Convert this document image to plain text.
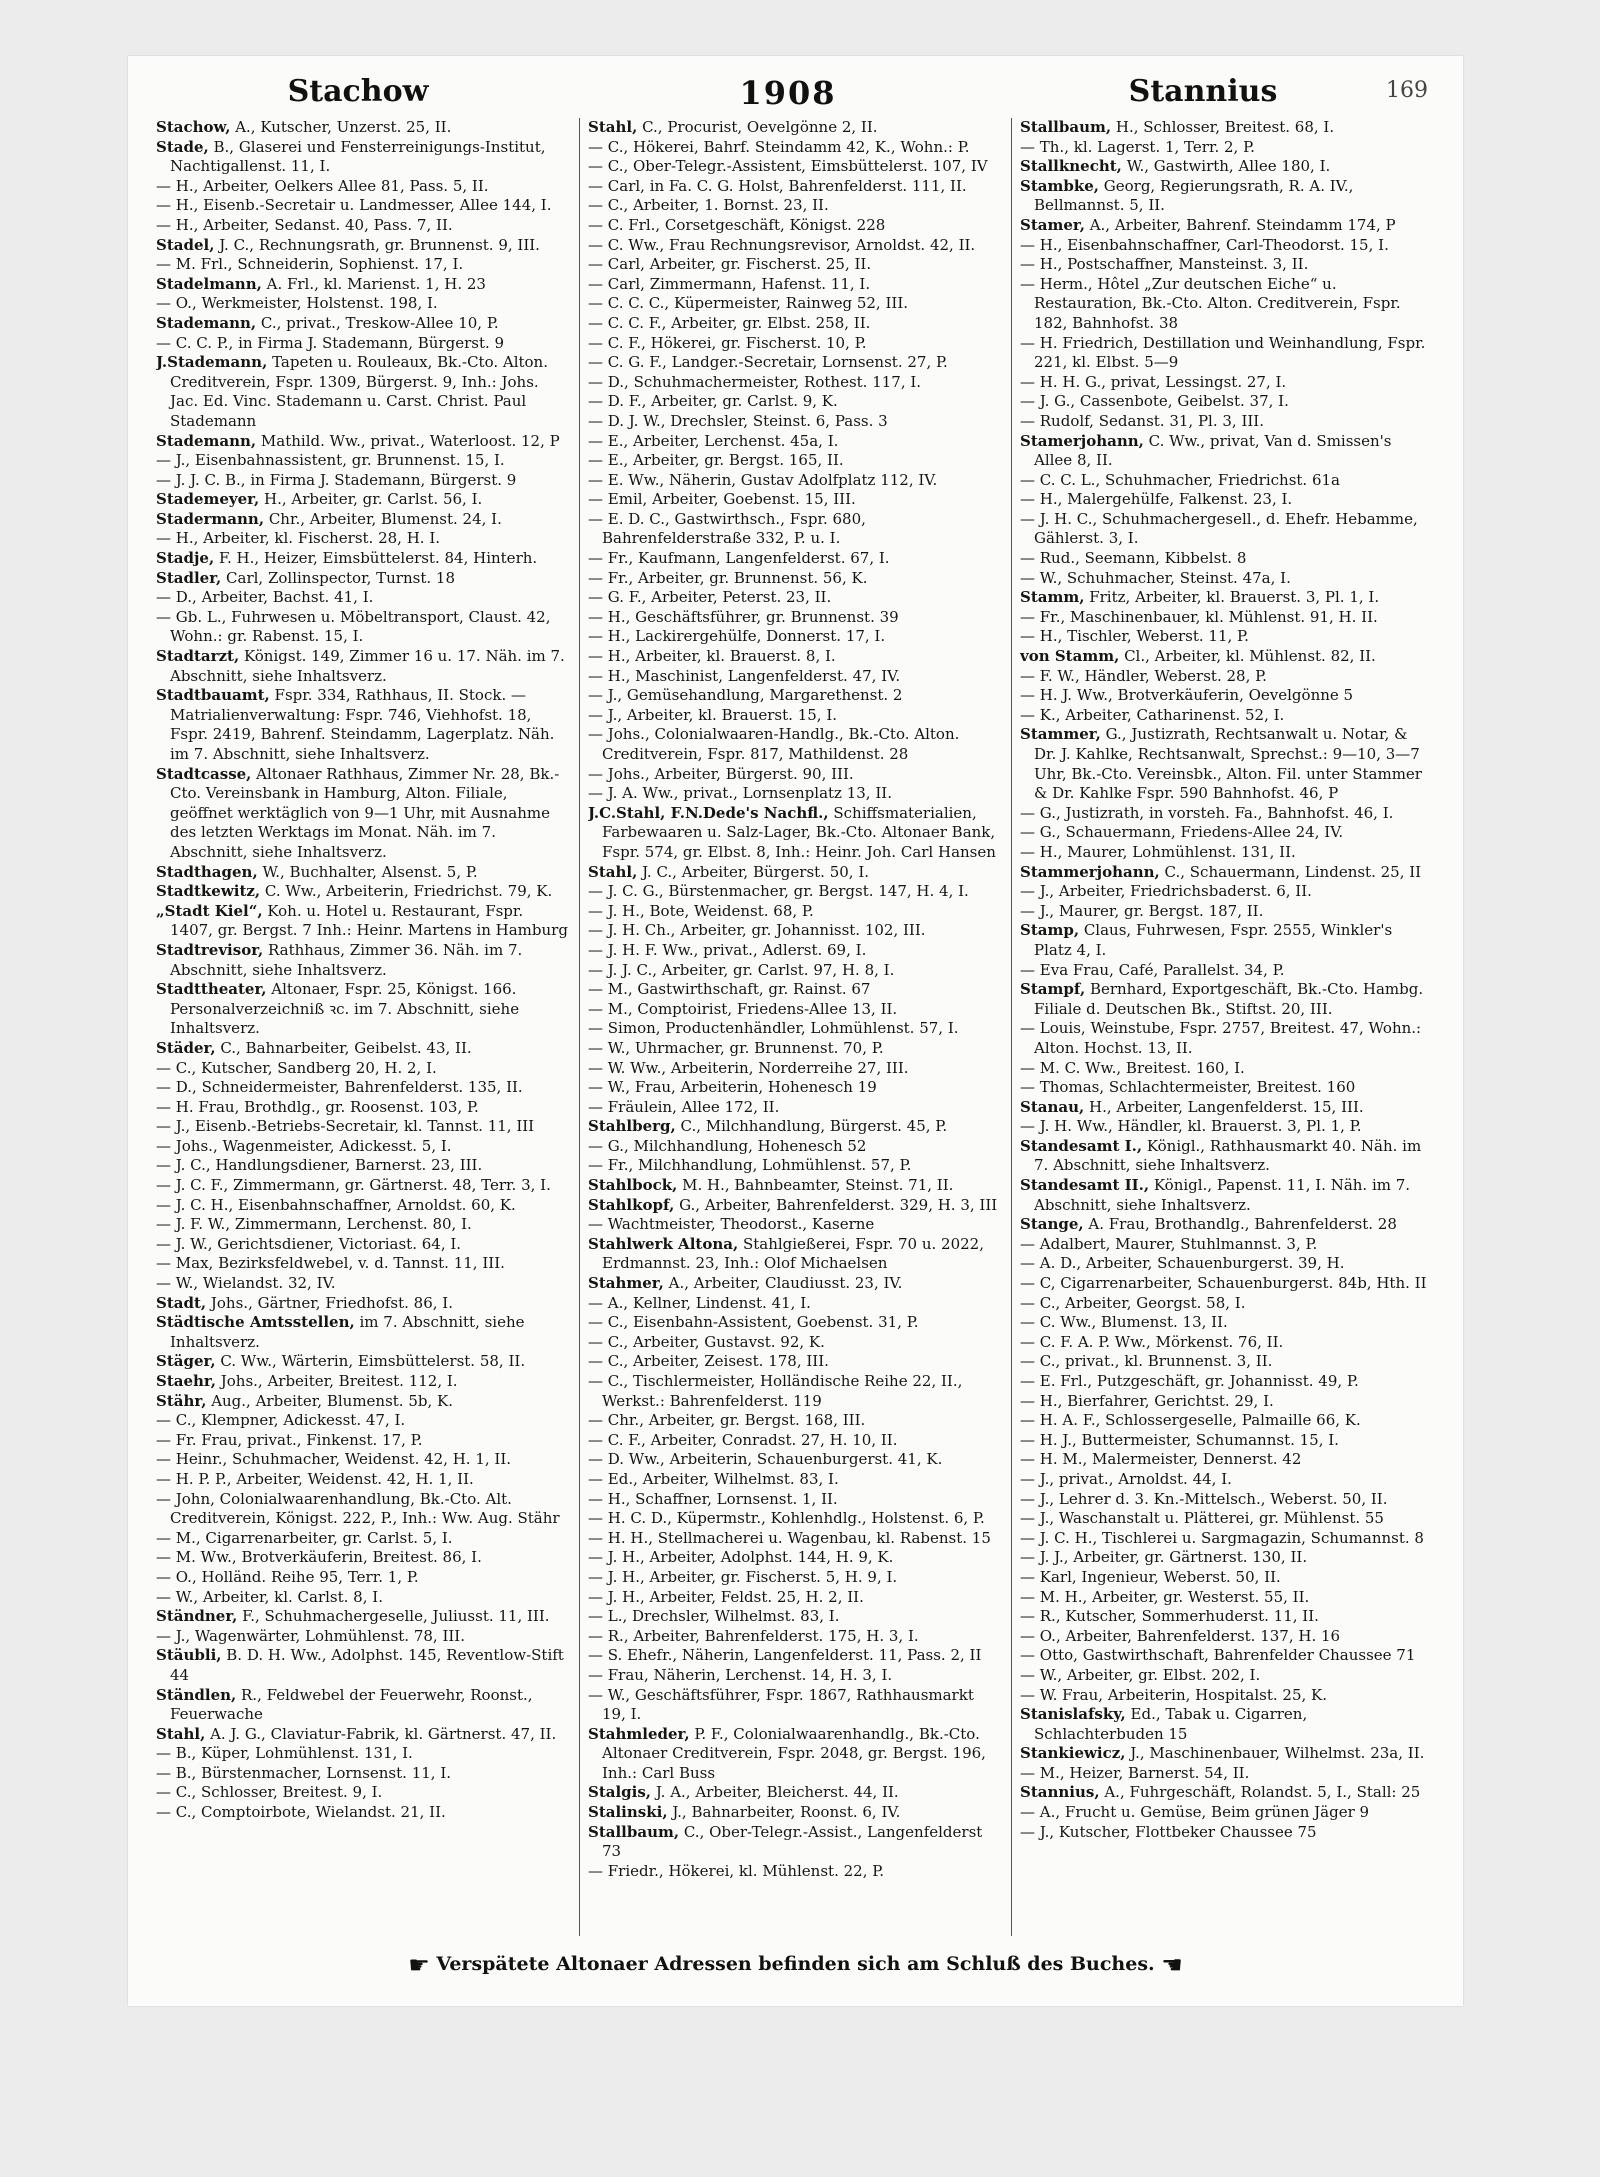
Stachow	1908	Stannius	169

Stachow, A., Kutscher, Unzerst. 25, II.

Stade, B., Glaserei und Fensterreinigungs-Institut, Nachtigallenst. 11, I.

— H., Arbeiter, Oelkers Allee 81, Pass. 5, II.

— H., Eisenb.-Secretair u. Landmesser, Allee 144, I.

— H., Arbeiter, Sedanst. 40, Pass. 7, II.

Stadel, J. C., Rechnungsrath, gr. Brunnenst. 9, III.

— M. Frl., Schneiderin, Sophienst. 17, I.

Stadelmann, A. Frl., kl. Marienst. 1, H. 23

— O., Werkmeister, Holstenst. 198, I.

Stademann, C., privat., Treskow-Allee 10, P.

— C. C. P., in Firma J. Stademann, Bürgerst. 9

J.Stademann, Tapeten u. Rouleaux, Bk.-Cto. Alton. Creditverein, Fspr. 1309, Bürgerst. 9, Inh.: Johs. Jac. Ed. Vinc. Stademann u. Carst. Christ. Paul Stademann

Stademann, Mathild. Ww., privat., Waterloost. 12, P

— J., Eisenbahnassistent, gr. Brunnenst. 15, I.

— J. J. C. B., in Firma J. Stademann, Bürgerst. 9

Stademeyer, H., Arbeiter, gr. Carlst. 56, I.

Stadermann, Chr., Arbeiter, Blumenst. 24, I.

— H., Arbeiter, kl. Fischerst. 28, H. I.

Stadje, F. H., Heizer, Eimsbüttelerst. 84, Hinterh.

Stadler, Carl, Zollinspector, Turnst. 18

— D., Arbeiter, Bachst. 41, I.

— Gb. L., Fuhrwesen u. Möbeltransport, Claust. 42, Wohn.: gr. Rabenst. 15, I.

Stadtarzt, Königst. 149, Zimmer 16 u. 17. Näh. im 7. Abschnitt, siehe Inhaltsverz.

Stadtbauamt, Fspr. 334, Rathhaus, II. Stock. — Matrialienverwaltung: Fspr. 746, Viehhofst. 18, Fspr. 2419, Bahrenf. Steindamm, Lagerplatz. Näh. im 7. Abschnitt, siehe Inhaltsverz.

Stadtcasse, Altonaer Rathhaus, Zimmer Nr. 28, Bk.-Cto. Vereinsbank in Hamburg, Alton. Filiale, geöffnet werktäglich von 9—1 Uhr, mit Ausnahme des letzten Werktags im Monat. Näh. im 7. Abschnitt, siehe Inhaltsverz.

Stadthagen, W., Buchhalter, Alsenst. 5, P.

Stadtkewitz, C. Ww., Arbeiterin, Friedrichst. 79, K.

„Stadt Kiel“, Koh. u. Hotel u. Restaurant, Fspr. 1407, gr. Bergst. 7 Inh.: Heinr. Martens in Hamburg

Stadtrevisor, Rathhaus, Zimmer 36. Näh. im 7. Abschnitt, siehe Inhaltsverz.

Stadttheater, Altonaer, Fspr. 25, Königst. 166. Personalverzeichniß ꝛc. im 7. Abschnitt, siehe Inhaltsverz.

Städer, C., Bahnarbeiter, Geibelst. 43, II.

— C., Kutscher, Sandberg 20, H. 2, I.

— D., Schneidermeister, Bahrenfelderst. 135, II.

— H. Frau, Brothdlg., gr. Roosenst. 103, P.

— J., Eisenb.-Betriebs-Secretair, kl. Tannst. 11, III

— Johs., Wagenmeister, Adickesst. 5, I.

— J. C., Handlungsdiener, Barnerst. 23, III.

— J. C. F., Zimmermann, gr. Gärtnerst. 48, Terr. 3, I.

— J. C. H., Eisenbahnschaffner, Arnoldst. 60, K.

— J. F. W., Zimmermann, Lerchenst. 80, I.

— J. W., Gerichtsdiener, Victoriast. 64, I.

— Max, Bezirksfeldwebel, v. d. Tannst. 11, III.

— W., Wielandst. 32, IV.

Stadt, Johs., Gärtner, Friedhofst. 86, I.

Städtische Amtsstellen, im 7. Abschnitt, siehe Inhaltsverz.

Stäger, C. Ww., Wärterin, Eimsbüttelerst. 58, II.

Staehr, Johs., Arbeiter, Breitest. 112, I.

Stähr, Aug., Arbeiter, Blumenst. 5b, K.

— C., Klempner, Adickesst. 47, I.

— Fr. Frau, privat., Finkenst. 17, P.

— Heinr., Schuhmacher, Weidenst. 42, H. 1, II.

— H. P. P., Arbeiter, Weidenst. 42, H. 1, II.

— John, Colonialwaarenhandlung, Bk.-Cto. Alt. Creditverein, Königst. 222, P., Inh.: Ww. Aug. Stähr

— M., Cigarrenarbeiter, gr. Carlst. 5, I.

— M. Ww., Brotverkäuferin, Breitest. 86, I.

— O., Holländ. Reihe 95, Terr. 1, P.

— W., Arbeiter, kl. Carlst. 8, I.

Ständner, F., Schuhmachergeselle, Juliusst. 11, III.

— J., Wagenwärter, Lohmühlenst. 78, III.

Stäubli, B. D. H. Ww., Adolphst. 145, Reventlow-Stift 44

Ständlen, R., Feldwebel der Feuerwehr, Roonst., Feuerwache

Stahl, A. J. G., Claviatur-Fabrik, kl. Gärtnerst. 47, II.

— B., Küper, Lohmühlenst. 131, I.

— B., Bürstenmacher, Lornsenst. 11, I.

— C., Schlosser, Breitest. 9, I.

— C., Comptoirbote, Wielandst. 21, II.

Stahl, C., Procurist, Oevelgönne 2, II.

— C., Hökerei, Bahrf. Steindamm 42, K., Wohn.: P.

— C., Ober-Telegr.-Assistent, Eimsbüttelerst. 107, IV

— Carl, in Fa. C. G. Holst, Bahrenfelderst. 111, II.

— C., Arbeiter, 1. Bornst. 23, II.

— C. Frl., Corsetgeschäft, Königst. 228

— C. Ww., Frau Rechnungsrevisor, Arnoldst. 42, II.

— Carl, Arbeiter, gr. Fischerst. 25, II.

— Carl, Zimmermann, Hafenst. 11, I.

— C. C. C., Küpermeister, Rainweg 52, III.

— C. C. F., Arbeiter, gr. Elbst. 258, II.

— C. F., Hökerei, gr. Fischerst. 10, P.

— C. G. F., Landger.-Secretair, Lornsenst. 27, P.

— D., Schuhmachermeister, Rothest. 117, I.

— D. F., Arbeiter, gr. Carlst. 9, K.

— D. J. W., Drechsler, Steinst. 6, Pass. 3

— E., Arbeiter, Lerchenst. 45a, I.

— E., Arbeiter, gr. Bergst. 165, II.

— E. Ww., Näherin, Gustav Adolfplatz 112, IV.

— Emil, Arbeiter, Goebenst. 15, III.

— E. D. C., Gastwirthsch., Fspr. 680, Bahrenfelderstraße 332, P. u. I.

— Fr., Kaufmann, Langenfelderst. 67, I.

— Fr., Arbeiter, gr. Brunnenst. 56, K.

— G. F., Arbeiter, Peterst. 23, II.

— H., Geschäftsführer, gr. Brunnenst. 39

— H., Lackirergehülfe, Donnerst. 17, I.

— H., Arbeiter, kl. Brauerst. 8, I.

— H., Maschinist, Langenfelderst. 47, IV.

— J., Gemüsehandlung, Margarethenst. 2

— J., Arbeiter, kl. Brauerst. 15, I.

— Johs., Colonialwaaren-Handlg., Bk.-Cto. Alton. Creditverein, Fspr. 817, Mathildenst. 28

— Johs., Arbeiter, Bürgerst. 90, III.

— J. A. Ww., privat., Lornsenplatz 13, II.

J.C.Stahl, F.N.Dede's Nachfl., Schiffsmaterialien, Farbewaaren u. Salz-Lager, Bk.-Cto. Altonaer Bank, Fspr. 574, gr. Elbst. 8, Inh.: Heinr. Joh. Carl Hansen

Stahl, J. C., Arbeiter, Bürgerst. 50, I.

— J. C. G., Bürstenmacher, gr. Bergst. 147, H. 4, I.

— J. H., Bote, Weidenst. 68, P.

— J. H. Ch., Arbeiter, gr. Johannisst. 102, III.

— J. H. F. Ww., privat., Adlerst. 69, I.

— J. J. C., Arbeiter, gr. Carlst. 97, H. 8, I.

— M., Gastwirthschaft, gr. Rainst. 67

— M., Comptoirist, Friedens-Allee 13, II.

— Simon, Productenhändler, Lohmühlenst. 57, I.

— W., Uhrmacher, gr. Brunnenst. 70, P.

— W. Ww., Arbeiterin, Norderreihe 27, III.

— W., Frau, Arbeiterin, Hohenesch 19

— Fräulein, Allee 172, II.

Stahlberg, C., Milchhandlung, Bürgerst. 45, P.

— G., Milchhandlung, Hohenesch 52

— Fr., Milchhandlung, Lohmühlenst. 57, P.

Stahlbock, M. H., Bahnbeamter, Steinst. 71, II.

Stahlkopf, G., Arbeiter, Bahrenfelderst. 329, H. 3, III

— Wachtmeister, Theodorst., Kaserne

Stahlwerk Altona, Stahlgießerei, Fspr. 70 u. 2022, Erdmannst. 23, Inh.: Olof Michaelsen

Stahmer, A., Arbeiter, Claudiusst. 23, IV.

— A., Kellner, Lindenst. 41, I.

— C., Eisenbahn-Assistent, Goebenst. 31, P.

— C., Arbeiter, Gustavst. 92, K.

— C., Arbeiter, Zeisest. 178, III.

— C., Tischlermeister, Holländische Reihe 22, II., Werkst.: Bahrenfelderst. 119

— Chr., Arbeiter, gr. Bergst. 168, III.

— C. F., Arbeiter, Conradst. 27, H. 10, II.

— D. Ww., Arbeiterin, Schauenburgerst. 41, K.

— Ed., Arbeiter, Wilhelmst. 83, I.

— H., Schaffner, Lornsenst. 1, II.

— H. C. D., Küpermstr., Kohlenhdlg., Holstenst. 6, P.

— H. H., Stellmacherei u. Wagenbau, kl. Rabenst. 15

— J. H., Arbeiter, Adolphst. 144, H. 9, K.

— J. H., Arbeiter, gr. Fischerst. 5, H. 9, I.

— J. H., Arbeiter, Feldst. 25, H. 2, II.

— L., Drechsler, Wilhelmst. 83, I.

— R., Arbeiter, Bahrenfelderst. 175, H. 3, I.

— S. Ehefr., Näherin, Langenfelderst. 11, Pass. 2, II

— Frau, Näherin, Lerchenst. 14, H. 3, I.

— W., Geschäftsführer, Fspr. 1867, Rathhausmarkt 19, I.

Stahmleder, P. F., Colonialwaarenhandlg., Bk.-Cto. Altonaer Creditverein, Fspr. 2048, gr. Bergst. 196, Inh.: Carl Buss

Stalgis, J. A., Arbeiter, Bleicherst. 44, II.

Stalinski, J., Bahnarbeiter, Roonst. 6, IV.

Stallbaum, C., Ober-Telegr.-Assist., Langenfelderst 73

— Friedr., Hökerei, kl. Mühlenst. 22, P.

Stallbaum, H., Schlosser, Breitest. 68, I.

— Th., kl. Lagerst. 1, Terr. 2, P.

Stallknecht, W., Gastwirth, Allee 180, I.

Stambke, Georg, Regierungsrath, R. A. IV., Bellmannst. 5, II.

Stamer, A., Arbeiter, Bahrenf. Steindamm 174, P

— H., Eisenbahnschaffner, Carl-Theodorst. 15, I.

— H., Postschaffner, Mansteinst. 3, II.

— Herm., Hôtel „Zur deutschen Eiche“ u. Restauration, Bk.-Cto. Alton. Creditverein, Fspr. 182, Bahnhofst. 38

— H. Friedrich, Destillation und Weinhandlung, Fspr. 221, kl. Elbst. 5—9

— H. H. G., privat, Lessingst. 27, I.

— J. G., Cassenbote, Geibelst. 37, I.

— Rudolf, Sedanst. 31, Pl. 3, III.

Stamerjohann, C. Ww., privat, Van d. Smissen's Allee 8, II.

— C. C. L., Schuhmacher, Friedrichst. 61a

— H., Malergehülfe, Falkenst. 23, I.

— J. H. C., Schuhmachergesell., d. Ehefr. Hebamme, Gählerst. 3, I.

— Rud., Seemann, Kibbelst. 8

— W., Schuhmacher, Steinst. 47a, I.

Stamm, Fritz, Arbeiter, kl. Brauerst. 3, Pl. 1, I.

— Fr., Maschinenbauer, kl. Mühlenst. 91, H. II.

— H., Tischler, Weberst. 11, P.

von Stamm, Cl., Arbeiter, kl. Mühlenst. 82, II.

— F. W., Händler, Weberst. 28, P.

— H. J. Ww., Brotverkäuferin, Oevelgönne 5

— K., Arbeiter, Catharinenst. 52, I.

Stammer, G., Justizrath, Rechtsanwalt u. Notar, & Dr. J. Kahlke, Rechtsanwalt, Sprechst.: 9—10, 3—7 Uhr, Bk.-Cto. Vereinsbk., Alton. Fil. unter Stammer & Dr. Kahlke Fspr. 590 Bahnhofst. 46, P

— G., Justizrath, in vorsteh. Fa., Bahnhofst. 46, I.

— G., Schauermann, Friedens-Allee 24, IV.

— H., Maurer, Lohmühlenst. 131, II.

Stammerjohann, C., Schauermann, Lindenst. 25, II

— J., Arbeiter, Friedrichsbaderst. 6, II.

— J., Maurer, gr. Bergst. 187, II.

Stamp, Claus, Fuhrwesen, Fspr. 2555, Winkler's Platz 4, I.

— Eva Frau, Café, Parallelst. 34, P.

Stampf, Bernhard, Exportgeschäft, Bk.-Cto. Hambg. Filiale d. Deutschen Bk., Stiftst. 20, III.

— Louis, Weinstube, Fspr. 2757, Breitest. 47, Wohn.: Alton. Hochst. 13, II.

— M. C. Ww., Breitest. 160, I.

— Thomas, Schlachtermeister, Breitest. 160

Stanau, H., Arbeiter, Langenfelderst. 15, III.

— J. H. Ww., Händler, kl. Brauerst. 3, Pl. 1, P.

Standesamt I., Königl., Rathhausmarkt 40. Näh. im 7. Abschnitt, siehe Inhaltsverz.

Standesamt II., Königl., Papenst. 11, I. Näh. im 7. Abschnitt, siehe Inhaltsverz.

Stange, A. Frau, Brothandlg., Bahrenfelderst. 28

— Adalbert, Maurer, Stuhlmannst. 3, P.

— A. D., Arbeiter, Schauenburgerst. 39, H.

— C, Cigarrenarbeiter, Schauenburgerst. 84b, Hth. II

— C., Arbeiter, Georgst. 58, I.

— C. Ww., Blumenst. 13, II.

— C. F. A. P. Ww., Mörkenst. 76, II.

— C., privat., kl. Brunnenst. 3, II.

— E. Frl., Putzgeschäft, gr. Johannisst. 49, P.

— H., Bierfahrer, Gerichtst. 29, I.

— H. A. F., Schlossergeselle, Palmaille 66, K.

— H. J., Buttermeister, Schumannst. 15, I.

— H. M., Malermeister, Dennerst. 42

— J., privat., Arnoldst. 44, I.

— J., Lehrer d. 3. Kn.-Mittelsch., Weberst. 50, II.

— J., Waschanstalt u. Plätterei, gr. Mühlenst. 55

— J. C. H., Tischlerei u. Sargmagazin, Schumannst. 8

— J. J., Arbeiter, gr. Gärtnerst. 130, II.

— Karl, Ingenieur, Weberst. 50, II.

— M. H., Arbeiter, gr. Westerst. 55, II.

— R., Kutscher, Sommerhuderst. 11, II.

— O., Arbeiter, Bahrenfelderst. 137, H. 16

— Otto, Gastwirthschaft, Bahrenfelder Chaussee 71

— W., Arbeiter, gr. Elbst. 202, I.

— W. Frau, Arbeiterin, Hospitalst. 25, K.

Stanislafsky, Ed., Tabak u. Cigarren, Schlachterbuden 15

Stankiewicz, J., Maschinenbauer, Wilhelmst. 23a, II.

— M., Heizer, Barnerst. 54, II.

Stannius, A., Fuhrgeschäft, Rolandst. 5, I., Stall: 25

— A., Frucht u. Gemüse, Beim grünen Jäger 9

— J., Kutscher, Flottbeker Chaussee 75

☛ Verspätete Altonaer Adressen befinden sich am Schluß des Buches. ☚
